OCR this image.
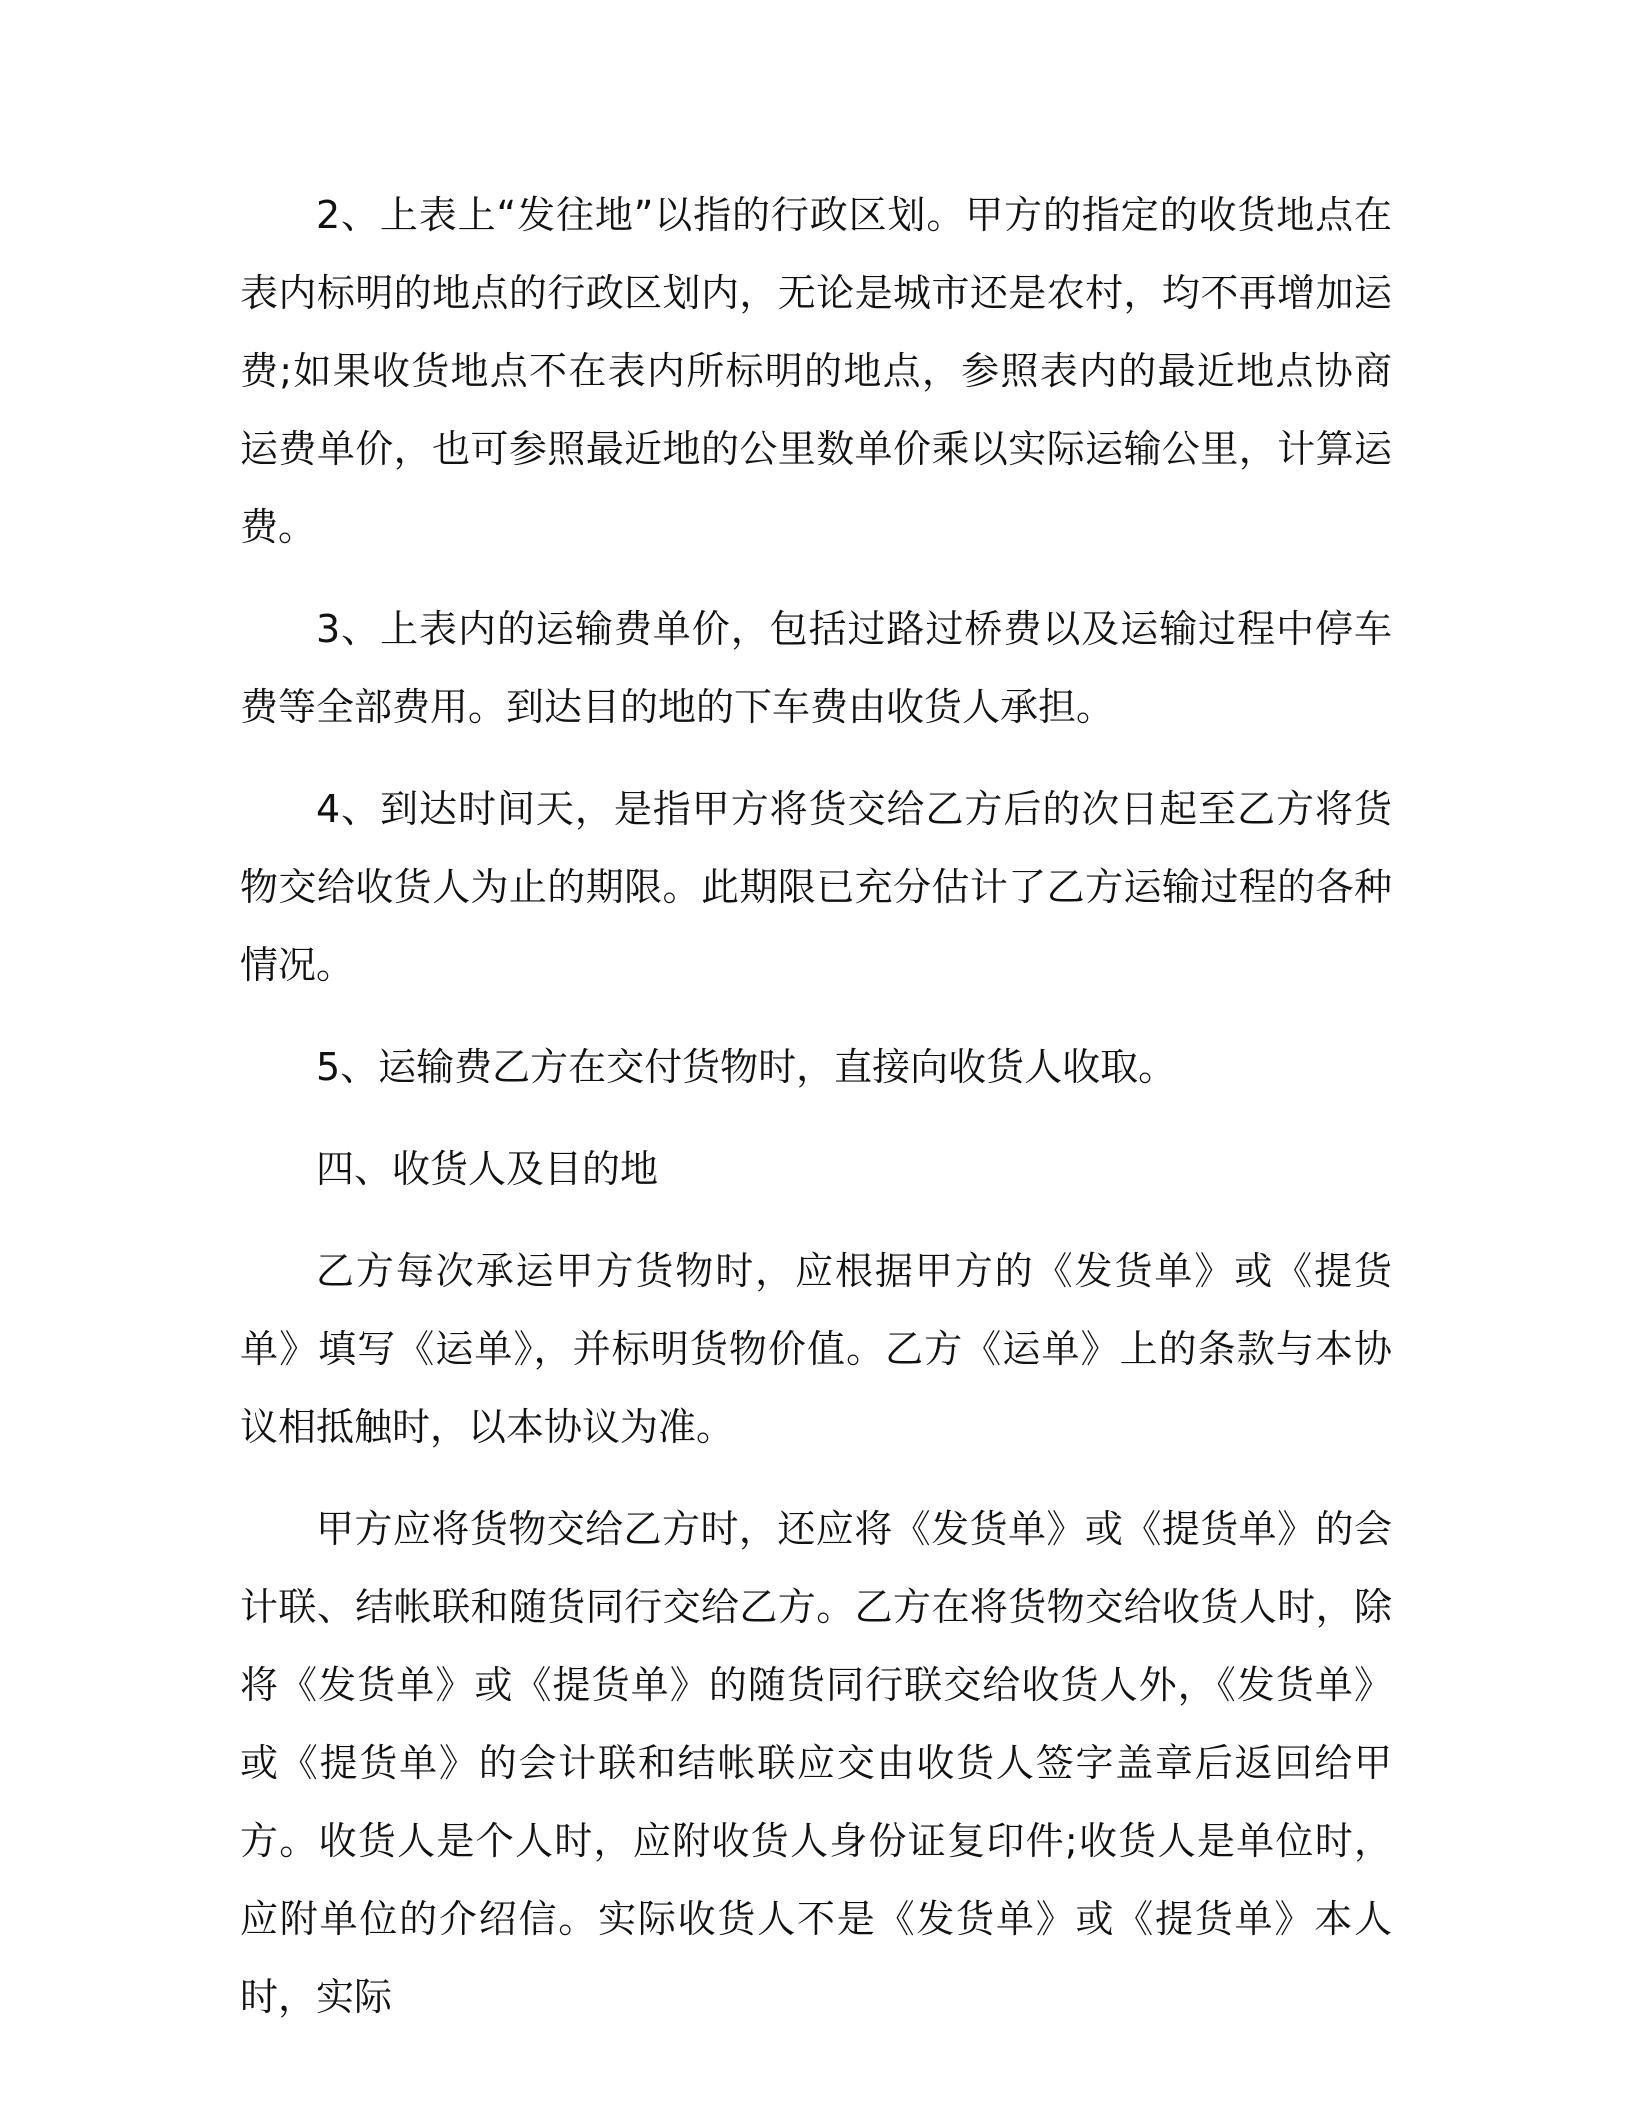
2、上表上“发往地”以指的行政区划。甲方的指定的收货地点在表内标明的地点的行政区划内，无论是城市还是农村，均不再增加运费;如果收货地点不在表内所标明的地点，参照表内的最近地点协商运费单价，也可参照最近地的公里数单价乘以实际运输公里，计算运费。

3、上表内的运输费单价，包括过路过桥费以及运输过程中停车费等全部费用。到达目的地的下车费由收货人承担。

4、到达时间天，是指甲方将货交给乙方后的次日起至乙方将货物交给收货人为止的期限。此期限已充分估计了乙方运输过程的各种情况。

5、运输费乙方在交付货物时，直接向收货人收取。

四、收货人及目的地

乙方每次承运甲方货物时，应根据甲方的《发货单》或《提货单》填写《运单》，并标明货物价值。乙方《运单》上的条款与本协议相抵触时，以本协议为准。

甲方应将货物交给乙方时，还应将《发货单》或《提货单》的会计联、结帐联和随货同行交给乙方。乙方在将货物交给收货人时，除将《发货单》或《提货单》的随货同行联交给收货人外，《发货单》或《提货单》的会计联和结帐联应交由收货人签字盖章后返回给甲方。收货人是个人时，应附收货人身份证复印件;收货人是单位时，应附单位的介绍信。实际收货人不是《发货单》或《提货单》本人时，实际
